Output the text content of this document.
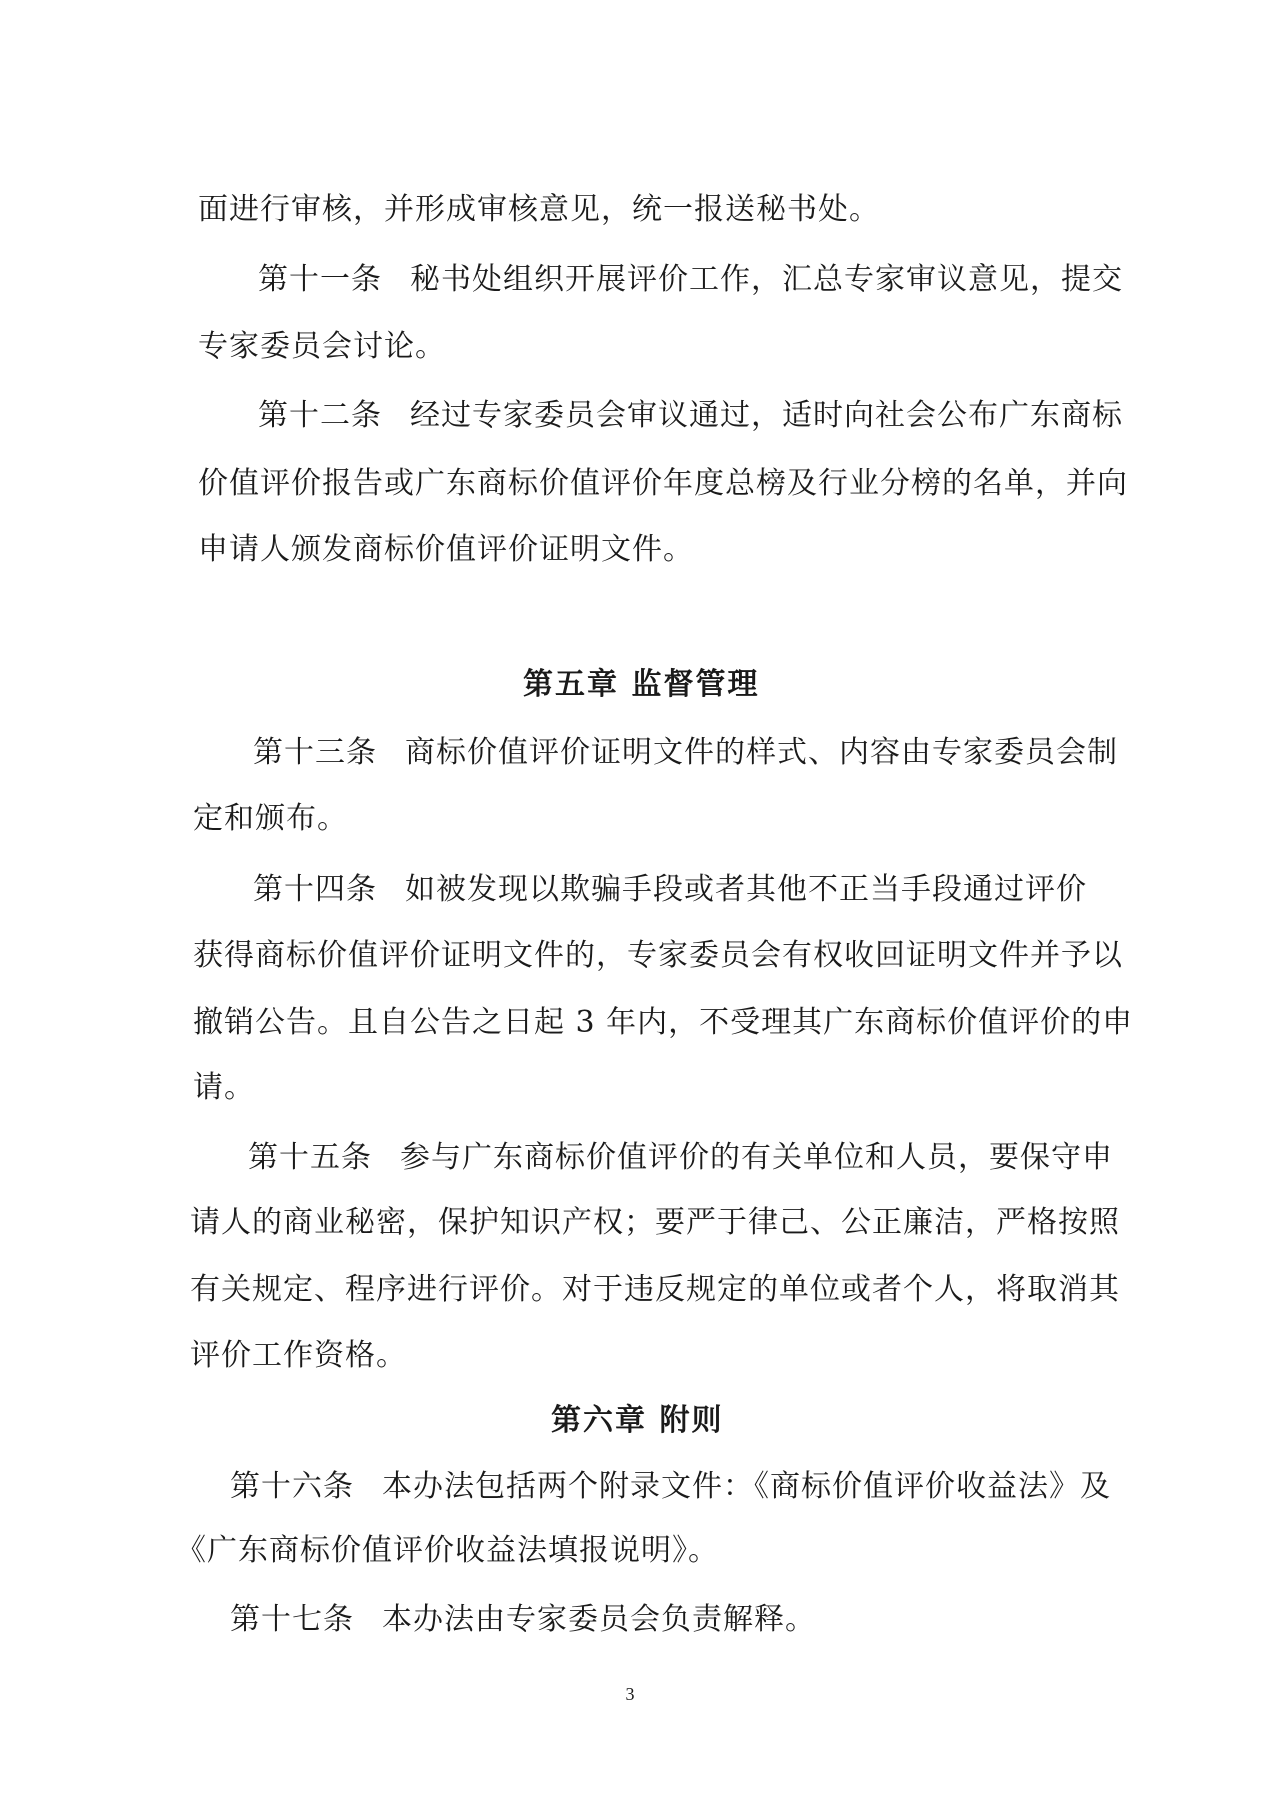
面进行审核，并形成审核意见，统一报送秘书处。
第十一条 秘书处组织开展评价工作，汇总专家审议意见，提交
专家委员会讨论。
第十二条 经过专家委员会审议通过，适时向社会公布广东商标
价值评价报告或广东商标价值评价年度总榜及行业分榜的名单，并向
申请人颁发商标价值评价证明文件。
第五章 监督管理
第十三条 商标价值评价证明文件的样式、内容由专家委员会制
定和颁布。
第十四条 如被发现以欺骗手段或者其他不正当手段通过评价
获得商标价值评价证明文件的，专家委员会有权收回证明文件并予以
撤销公告。且自公告之日起 3 年内，不受理其广东商标价值评价的申
请。
第十五条 参与广东商标价值评价的有关单位和人员，要保守申
请人的商业秘密，保护知识产权；要严于律己、公正廉洁，严格按照
有关规定、程序进行评价。对于违反规定的单位或者个人，将取消其
评价工作资格。
第六章 附则
第十六条 本办法包括两个附录文件：《商标价值评价收益法》及
《广东商标价值评价收益法填报说明》。
第十七条 本办法由专家委员会负责解释。
3
